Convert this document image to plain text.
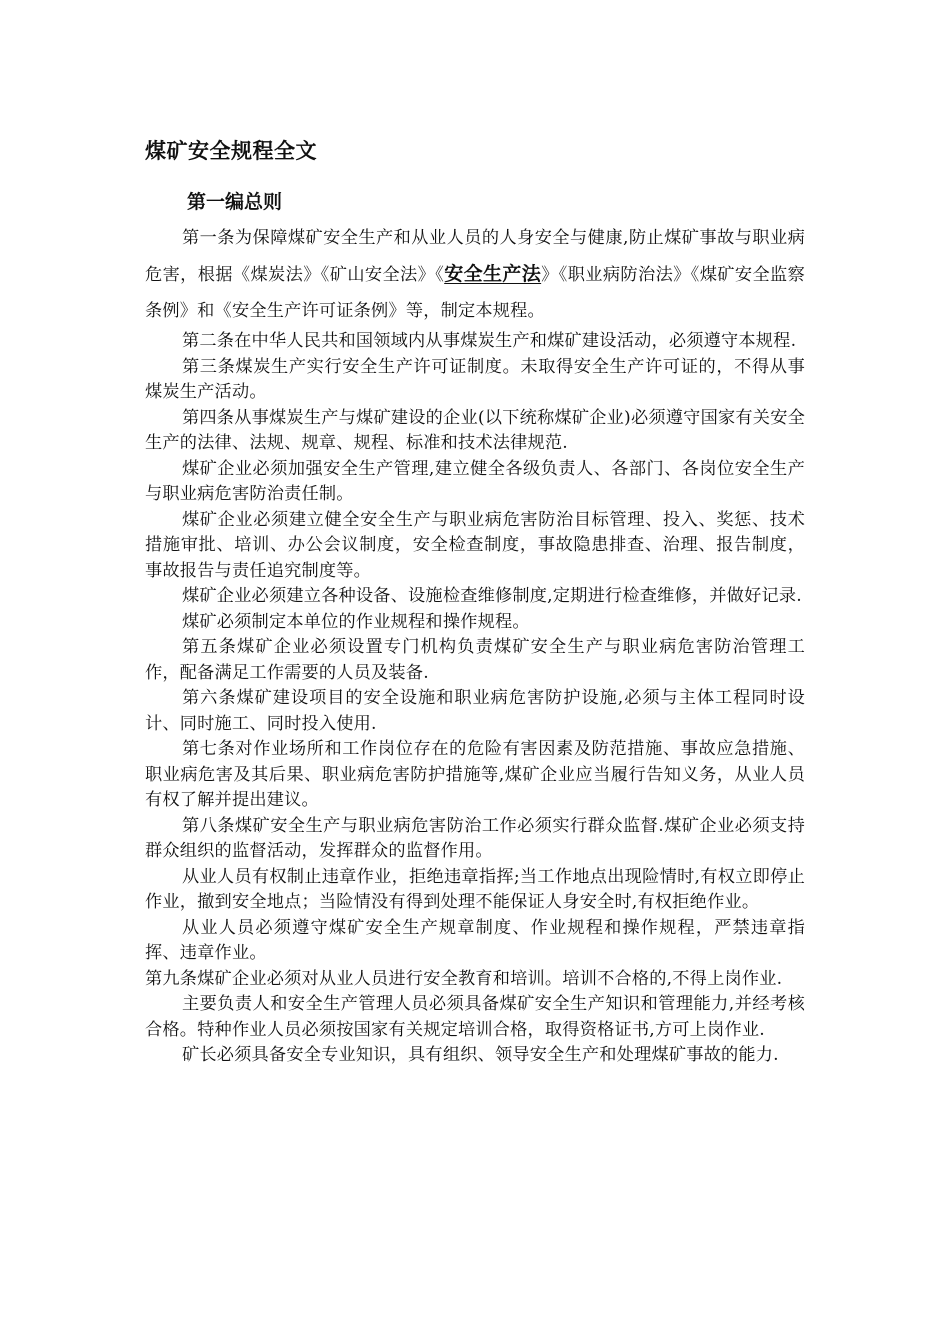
煤矿安全规程全文
第一编总则

第一条为保障煤矿安全生产和从业人员的人身安全与健康,防止煤矿事故与职业病危害，根据《煤炭法》《矿山安全法》《安全生产法》《职业病防治法》《煤矿安全监察条例》和《安全生产许可证条例》等，制定本规程。

第二条在中华人民共和国领域内从事煤炭生产和煤矿建设活动，必须遵守本规程.

第三条煤炭生产实行安全生产许可证制度。未取得安全生产许可证的，不得从事煤炭生产活动。

第四条从事煤炭生产与煤矿建设的企业(以下统称煤矿企业)必须遵守国家有关安全生产的法律、法规、规章、规程、标准和技术法律规范.

煤矿企业必须加强安全生产管理,建立健全各级负责人、各部门、各岗位安全生产与职业病危害防治责任制。

煤矿企业必须建立健全安全生产与职业病危害防治目标管理、投入、奖惩、技术措施审批、培训、办公会议制度，安全检查制度，事故隐患排查、治理、报告制度，事故报告与责任追究制度等。

煤矿企业必须建立各种设备、设施检查维修制度,定期进行检查维修，并做好记录.

煤矿必须制定本单位的作业规程和操作规程。

第五条煤矿企业必须设置专门机构负责煤矿安全生产与职业病危害防治管理工作，配备满足工作需要的人员及装备.

第六条煤矿建设项目的安全设施和职业病危害防护设施,必须与主体工程同时设计、同时施工、同时投入使用.

第七条对作业场所和工作岗位存在的危险有害因素及防范措施、事故应急措施、职业病危害及其后果、职业病危害防护措施等,煤矿企业应当履行告知义务，从业人员有权了解并提出建议。

第八条煤矿安全生产与职业病危害防治工作必须实行群众监督.煤矿企业必须支持群众组织的监督活动，发挥群众的监督作用。

从业人员有权制止违章作业，拒绝违章指挥;当工作地点出现险情时,有权立即停止作业，撤到安全地点；当险情没有得到处理不能保证人身安全时,有权拒绝作业。

从业人员必须遵守煤矿安全生产规章制度、作业规程和操作规程，严禁违章指挥、违章作业。

第九条煤矿企业必须对从业人员进行安全教育和培训。培训不合格的,不得上岗作业.

主要负责人和安全生产管理人员必须具备煤矿安全生产知识和管理能力,并经考核合格。特种作业人员必须按国家有关规定培训合格，取得资格证书,方可上岗作业.

矿长必须具备安全专业知识，具有组织、领导安全生产和处理煤矿事故的能力.
